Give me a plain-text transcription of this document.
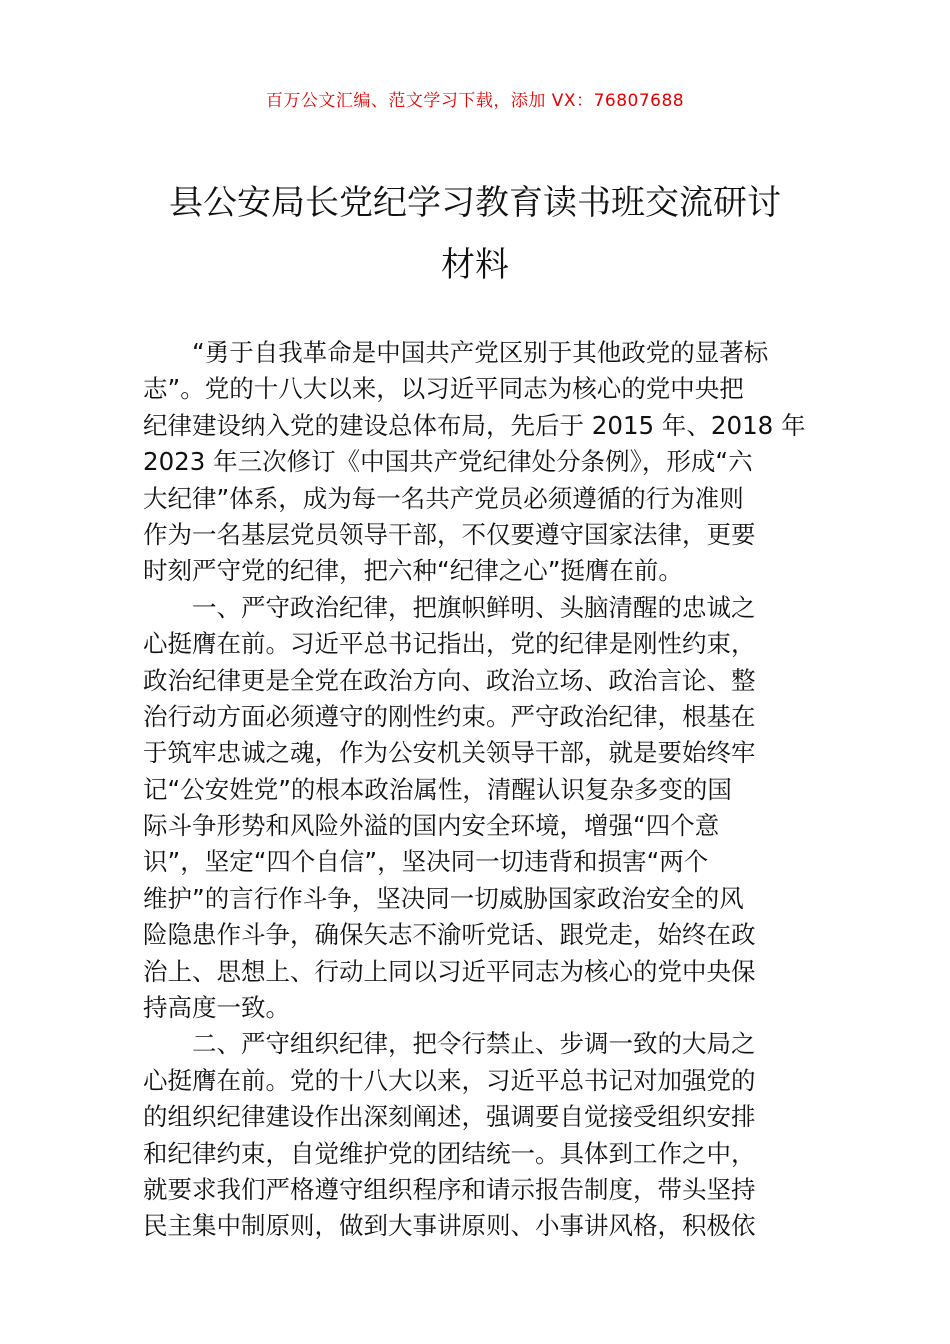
百万公文汇编、范文学习下载，添加 VX：76807688
县公安局长党纪学习教育读书班交流研讨
材料
　　“勇于自我革命是中国共产党区别于其他政党的显著标
志”。党的十八大以来，以习近平同志为核心的党中央把
纪律建设纳入党的建设总体布局，先后于 2015 年、2018 年
2023 年三次修订《中国共产党纪律处分条例》，形成“六
大纪律”体系，成为每一名共产党员必须遵循的行为准则
作为一名基层党员领导干部，不仅要遵守国家法律，更要
时刻严守党的纪律，把六种“纪律之心”挺膺在前。
　　一、严守政治纪律，把旗帜鲜明、头脑清醒的忠诚之
心挺膺在前。习近平总书记指出，党的纪律是刚性约束，
政治纪律更是全党在政治方向、政治立场、政治言论、整
治行动方面必须遵守的刚性约束。严守政治纪律，根基在
于筑牢忠诚之魂，作为公安机关领导干部，就是要始终牢
记“公安姓党”的根本政治属性，清醒认识复杂多变的国
际斗争形势和风险外溢的国内安全环境，增强“四个意
识”，坚定“四个自信”，坚决同一切违背和损害“两个
维护”的言行作斗争，坚决同一切威胁国家政治安全的风
险隐患作斗争，确保矢志不渝听党话、跟党走，始终在政
治上、思想上、行动上同以习近平同志为核心的党中央保
持高度一致。
　　二、严守组织纪律，把令行禁止、步调一致的大局之
心挺膺在前。党的十八大以来，习近平总书记对加强党的
的组织纪律建设作出深刻阐述，强调要自觉接受组织安排
和纪律约束，自觉维护党的团结统一。具体到工作之中，
就要求我们严格遵守组织程序和请示报告制度，带头坚持
民主集中制原则，做到大事讲原则、小事讲风格，积极依
